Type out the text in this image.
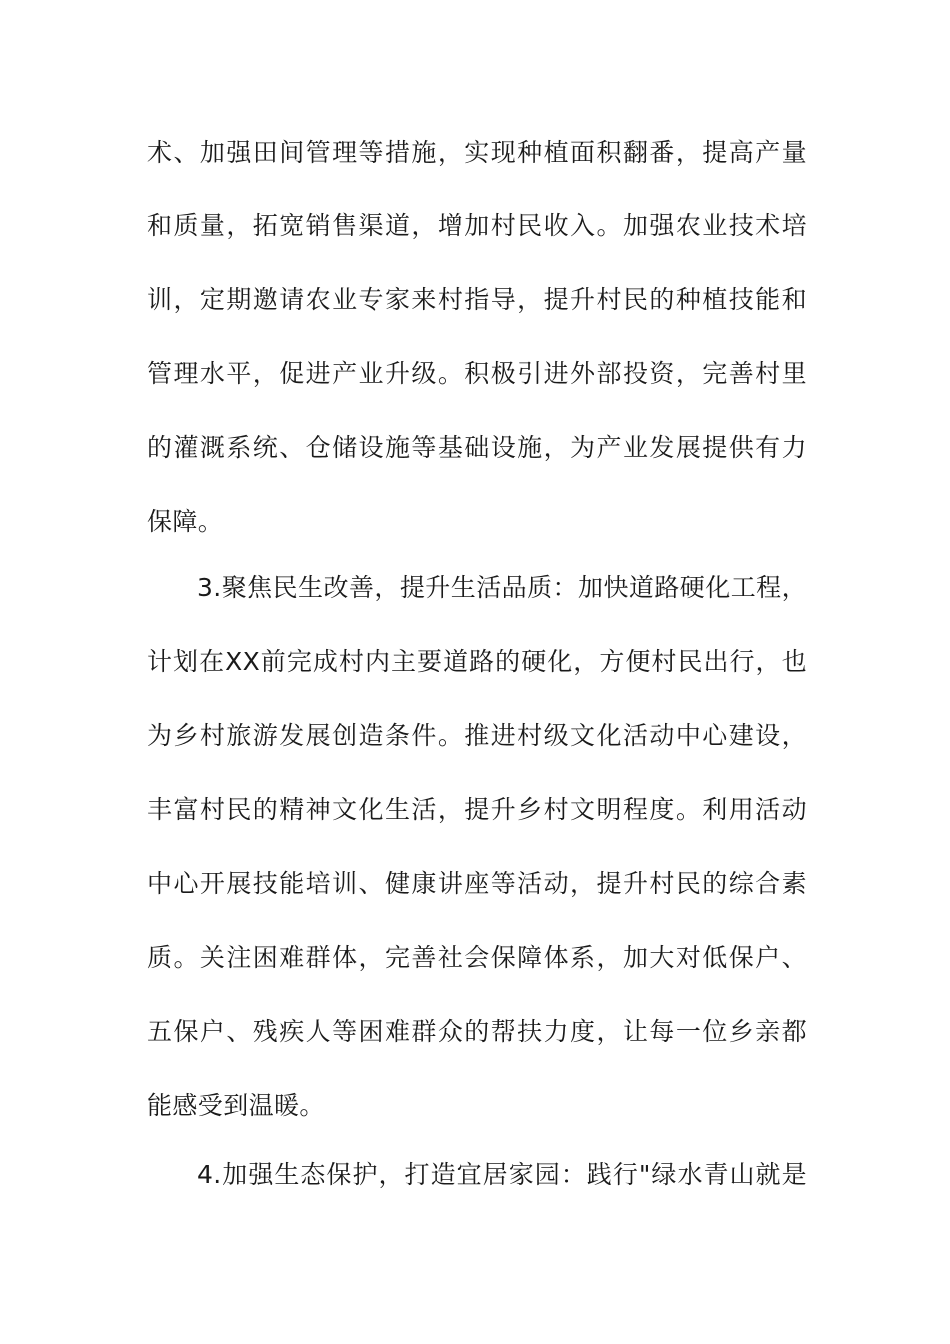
术、加强田间管理等措施，实现种植面积翻番，提高产量
和质量，拓宽销售渠道，增加村民收入。加强农业技术培
训，定期邀请农业专家来村指导，提升村民的种植技能和
管理水平，促进产业升级。积极引进外部投资，完善村里
的灌溉系统、仓储设施等基础设施，为产业发展提供有力
保障。
3.聚焦民生改善，提升生活品质：加快道路硬化工程，
计划在XX前完成村内主要道路的硬化，方便村民出行，也
为乡村旅游发展创造条件。推进村级文化活动中心建设，
丰富村民的精神文化生活，提升乡村文明程度。利用活动
中心开展技能培训、健康讲座等活动，提升村民的综合素
质。关注困难群体，完善社会保障体系，加大对低保户、
五保户、残疾人等困难群众的帮扶力度，让每一位乡亲都
能感受到温暖。
4.加强生态保护，打造宜居家园：践行"绿水青山就是
